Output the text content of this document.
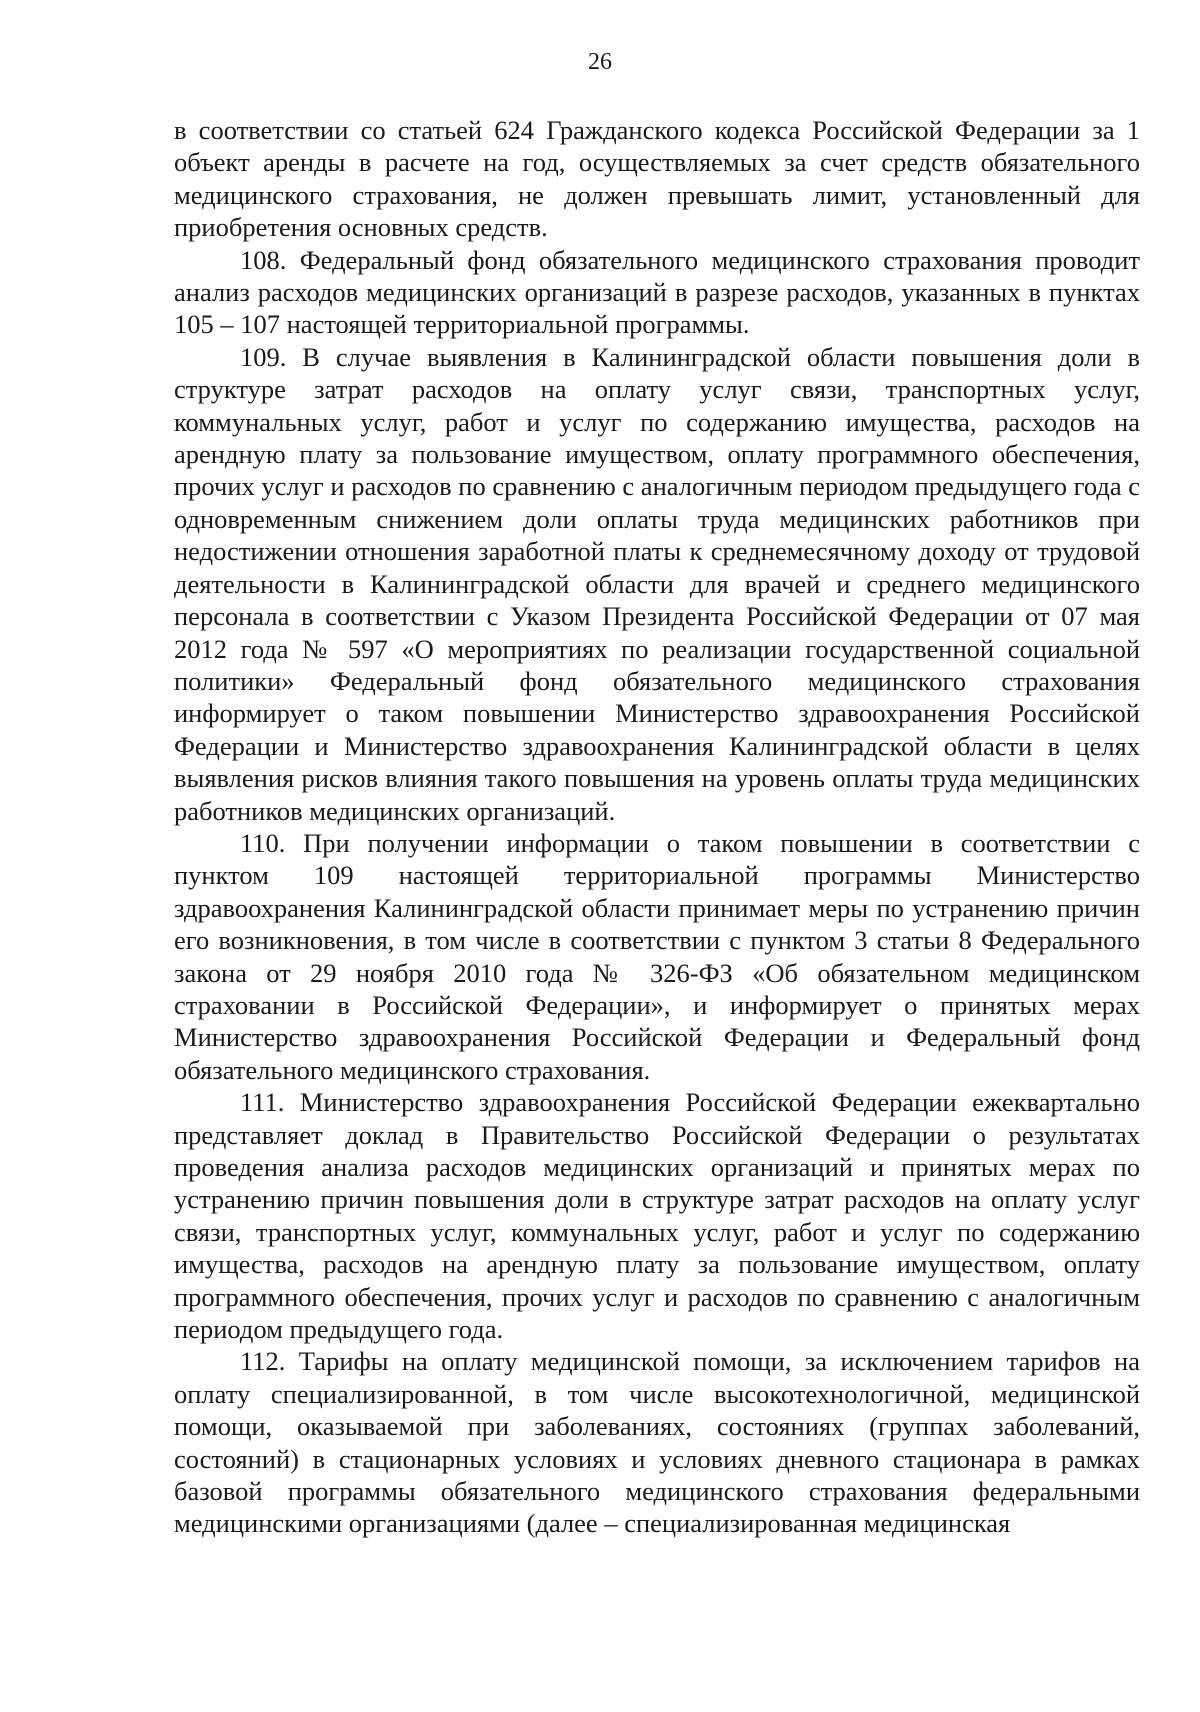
26

в соответствии со статьей 624 Гражданского кодекса Российской Федерации за 1 объект аренды в расчете на год, осуществляемых за счет средств обязательного медицинского страхования, не должен превышать лимит, установленный для приобретения основных средств.

108. Федеральный фонд обязательного медицинского страхования проводит анализ расходов медицинских организаций в разрезе расходов, указанных в пунктах 105 – 107 настоящей территориальной программы.

109. В случае выявления в Калининградской области повышения доли в структуре затрат расходов на оплату услуг связи, транспортных услуг, коммунальных услуг, работ и услуг по содержанию имущества, расходов на арендную плату за пользование имуществом, оплату программного обеспечения, прочих услуг и расходов по сравнению с аналогичным периодом предыдущего года с одновременным снижением доли оплаты труда медицинских работников при недостижении отношения заработной платы к среднемесячному доходу от трудовой деятельности в Калининградской области для врачей и среднего медицинского персонала в соответствии с Указом Президента Российской Федерации от 07 мая 2012 года № 597 «О мероприятиях по реализации государственной социальной политики» Федеральный фонд обязательного медицинского страхования информирует о таком повышении Министерство здравоохранения Российской Федерации и Министерство здравоохранения Калининградской области в целях выявления рисков влияния такого повышения на уровень оплаты труда медицинских работников медицинских организаций.

110. При получении информации о таком повышении в соответствии с пунктом 109 настоящей территориальной программы Министерство здравоохранения Калининградской области принимает меры по устранению причин его возникновения, в том числе в соответствии с пунктом 3 статьи 8 Федерального закона от 29 ноября 2010 года № 326-ФЗ «Об обязательном медицинском страховании в Российской Федерации», и информирует о принятых мерах Министерство здравоохранения Российской Федерации и Федеральный фонд обязательного медицинского страхования.

111. Министерство здравоохранения Российской Федерации ежеквартально представляет доклад в Правительство Российской Федерации о результатах проведения анализа расходов медицинских организаций и принятых мерах по устранению причин повышения доли в структуре затрат расходов на оплату услуг связи, транспортных услуг, коммунальных услуг, работ и услуг по содержанию имущества, расходов на арендную плату за пользование имуществом, оплату программного обеспечения, прочих услуг и расходов по сравнению с аналогичным периодом предыдущего года.

112. Тарифы на оплату медицинской помощи, за исключением тарифов на оплату специализированной, в том числе высокотехнологичной, медицинской помощи, оказываемой при заболеваниях, состояниях (группах заболеваний, состояний) в стационарных условиях и условиях дневного стационара в рамках базовой программы обязательного медицинского страхования федеральными медицинскими организациями (далее – специализированная медицинская
